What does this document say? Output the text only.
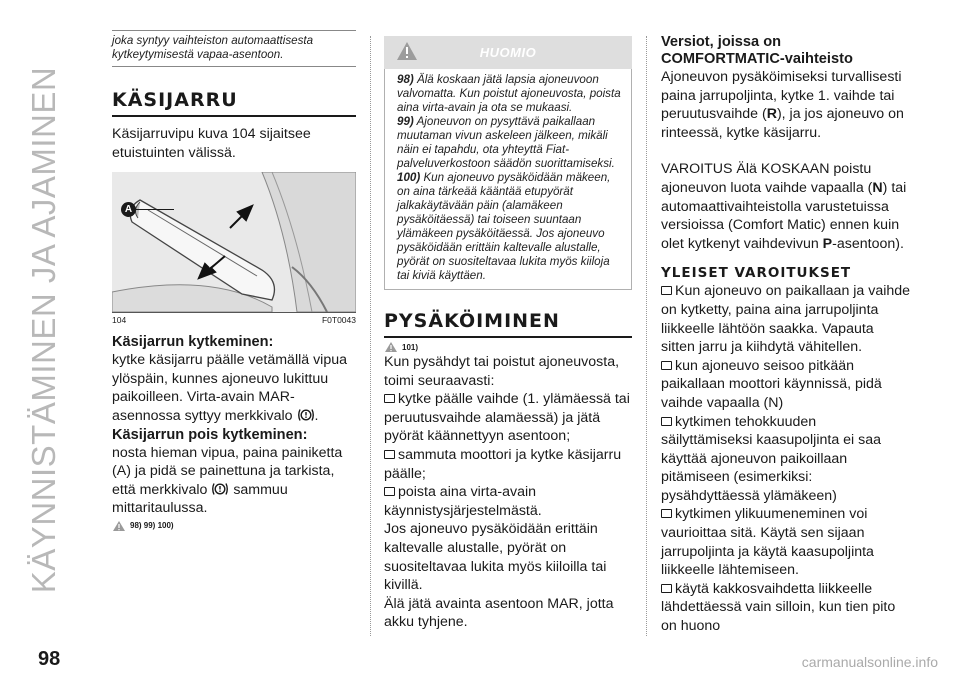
KÄYNNISTÄMINEN JA AJAMINEN

joka syntyy vaihteiston automaattisesta kytkeytymisestä vapaa-asentoon.

KÄSIJARRU

Käsijarruvipu kuva 104 sijaitsee etuistuinten välissä.

A
104	F0T0043
Käsijarrun kytkeminen:

kytke käsijarru päälle vetämällä vipua ylöspäin, kunnes ajoneuvo lukittuu paikoilleen. Virta-avain MAR-asennossa syttyy merkkivalo .

Käsijarrun pois kytkeminen:

nosta hieman vipua, paina painiketta (A) ja pidä se painettuna ja tarkista, että merkkivalo sammuu mittaritaulussa.

98) 99) 100)
HUOMIO

98) Älä koskaan jätä lapsia ajoneuvoon valvomatta. Kun poistut ajoneuvosta, poista aina virta-avain ja ota se mukaasi.

99) Ajoneuvon on pysyttävä paikallaan muutaman vivun askeleen jälkeen, mikäli näin ei tapahdu, ota yhteyttä Fiat-palveluverkostoon säädön suorittamiseksi.

100) Kun ajoneuvo pysäköidään mäkeen, on aina tärkeää kääntää etupyörät jalkakäytävään päin (alamäkeen pysäköitäessä) tai toiseen suuntaan ylämäkeen pysäköitäessä. Jos ajoneuvo pysäköidään erittäin kaltevalle alustalle, pyörät on suositeltavaa lukita myös kiiloja tai kiviä käyttäen.

PYSÄKÖIMINEN
101)

Kun pysähdyt tai poistut ajoneuvosta, toimi seuraavasti:

kytke päälle vaihde (1. ylämäessä tai peruutusvaihde alamäessä) ja jätä pyörät käännettyyn asentoon;

sammuta moottori ja kytke käsijarru päälle;

poista aina virta-avain käynnistysjärjestelmästä.

Jos ajoneuvo pysäköidään erittäin kaltevalle alustalle, pyörät on suositeltavaa lukita myös kiiloilla tai kivillä.

Älä jätä avainta asentoon MAR, jotta akku tyhjene.

Versiot, joissa on
COMFORTMATIC-vaihteisto

Ajoneuvon pysäköimiseksi turvallisesti paina jarrupoljinta, kytke 1. vaihde tai peruutusvaihde (R), ja jos ajoneuvo on rinteessä, kytke käsijarru.

VAROITUS Älä KOSKAAN poistu ajoneuvon luota vaihde vapaalla (N) tai automaattivaihteistolla varustetuissa versioissa (Comfort Matic) ennen kuin olet kytkenyt vaihdevivun P-asentoon).

YLEISET VAROITUKSET

Kun ajoneuvo on paikallaan ja vaihde on kytketty, paina aina jarrupoljinta liikkeelle lähtöön saakka. Vapauta sitten jarru ja kiihdytä vähitellen.

kun ajoneuvo seisoo pitkään paikallaan moottori käynnissä, pidä vaihde vapaalla (N)

kytkimen tehokkuuden säilyttämiseksi kaasupoljinta ei saa käyttää ajoneuvon paikoillaan pitämiseen (esimerkiksi: pysähdyttäessä ylämäkeen)

kytkimen ylikuumeneminen voi vaurioittaa sitä. Käytä sen sijaan jarrupoljinta ja käytä kaasupoljinta liikkeelle lähtemiseen.

käytä kakkosvaihdetta liikkeelle lähdettäessä vain silloin, kun tien pito on huono

98	carmanualsonline.info
